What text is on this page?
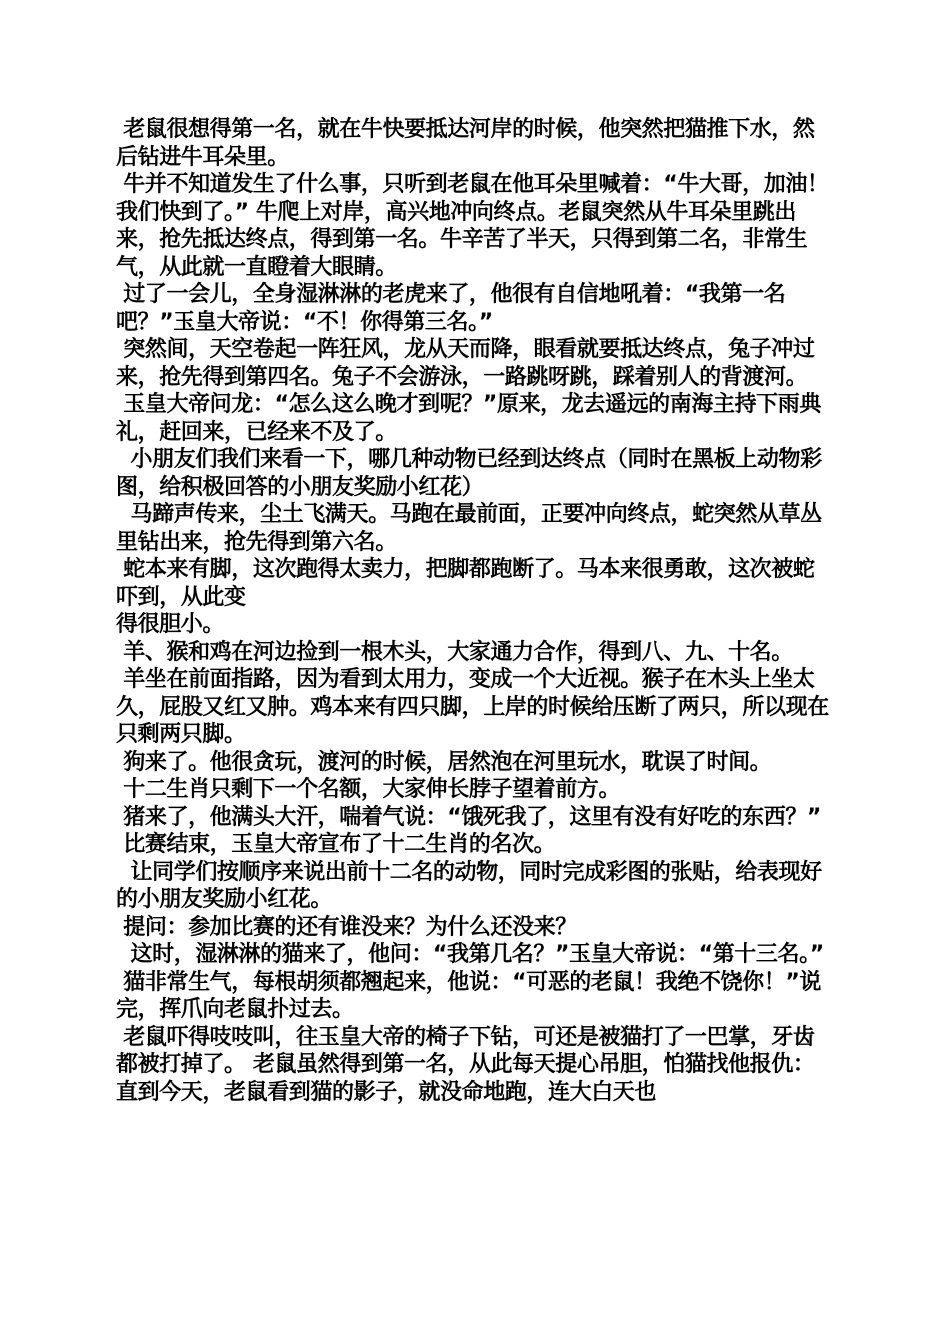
老鼠很想得第一名，就在牛快要抵达河岸的时候，他突然把猫推下水，然后钻进牛耳朵里。

牛并不知道发生了什么事，只听到老鼠在他耳朵里喊着：“牛大哥，加油！我们快到了。” 牛爬上对岸，高兴地冲向终点。老鼠突然从牛耳朵里跳出来，抢先抵达终点，得到第一名。牛辛苦了半天，只得到第二名，非常生气，从此就一直瞪着大眼睛。

过了一会儿，全身湿淋淋的老虎来了，他很有自信地吼着：“我第一名吧？”玉皇大帝说：“不！你得第三名。”

突然间，天空卷起一阵狂风，龙从天而降，眼看就要抵达终点，兔子冲过来，抢先得到第四名。兔子不会游泳，一路跳呀跳，踩着别人的背渡河。

玉皇大帝问龙：“怎么这么晚才到呢？”原来，龙去遥远的南海主持下雨典礼，赶回来，已经来不及了。

小朋友们我们来看一下，哪几种动物已经到达终点（同时在黑板上动物彩图，给积极回答的小朋友奖励小红花）

马蹄声传来，尘土飞满天。马跑在最前面，正要冲向终点，蛇突然从草丛里钻出来，抢先得到第六名。

蛇本来有脚，这次跑得太卖力，把脚都跑断了。马本来很勇敢，这次被蛇吓到，从此变
得很胆小。

羊、猴和鸡在河边捡到一根木头，大家通力合作，得到八、九、十名。

羊坐在前面指路，因为看到太用力，变成一个大近视。猴子在木头上坐太久，屁股又红又肿。鸡本来有四只脚，上岸的时候给压断了两只，所以现在只剩两只脚。

狗来了。他很贪玩，渡河的时候，居然泡在河里玩水，耽误了时间。

十二生肖只剩下一个名额，大家伸长脖子望着前方。

猪来了，他满头大汗，喘着气说：“饿死我了，这里有没有好吃的东西？”

比赛结束，玉皇大帝宣布了十二生肖的名次。

让同学们按顺序来说出前十二名的动物，同时完成彩图的张贴，给表现好的小朋友奖励小红花。

提问：参加比赛的还有谁没来？为什么还没来？

这时，湿淋淋的猫来了，他问：“我第几名？”玉皇大帝说：“第十三名。”

猫非常生气，每根胡须都翘起来，他说：“可恶的老鼠！我绝不饶你！”说完，挥爪向老鼠扑过去。

老鼠吓得吱吱叫，往玉皇大帝的椅子下钻，可还是被猫打了一巴掌，牙齿都被打掉了。 老鼠虽然得到第一名，从此每天提心吊胆，怕猫找他报仇：直到今天，老鼠看到猫的影子，就没命地跑，连大白天也
